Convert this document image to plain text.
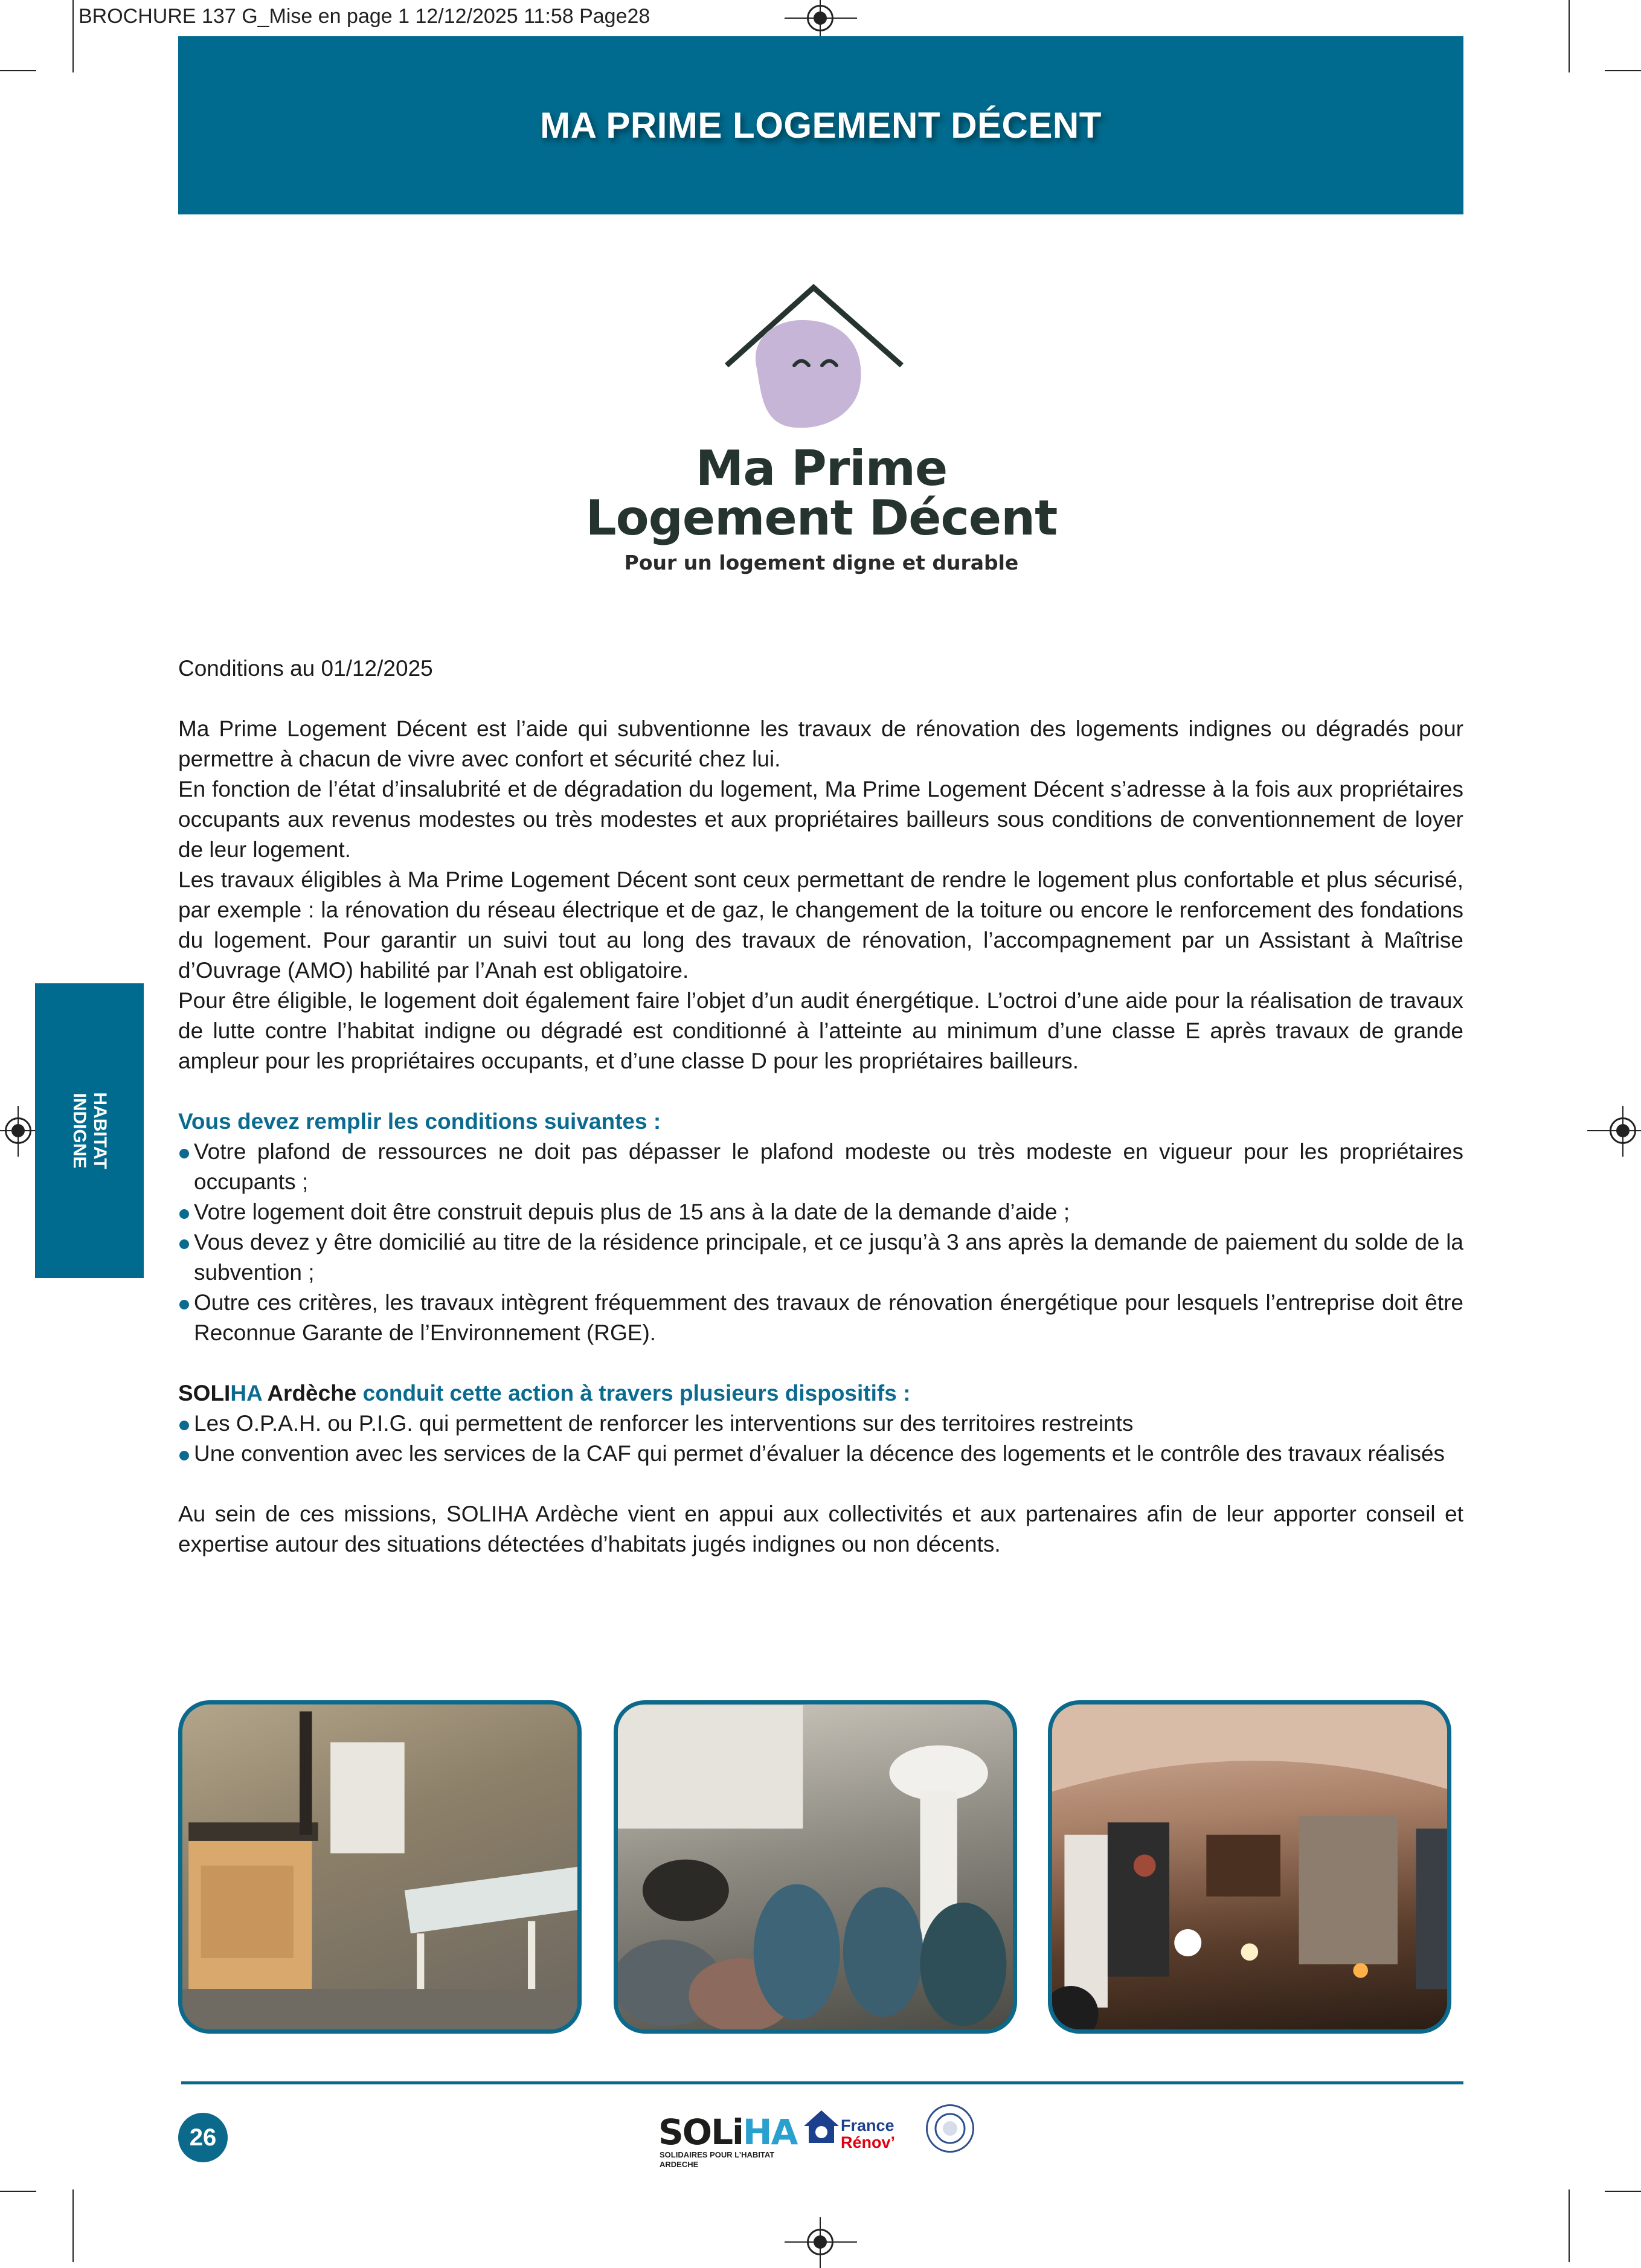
BROCHURE 137 G_Mise en page 1 12/12/2025 11:58 Page28
MA PRIME LOGEMENT DÉCENT
Ma Prime
Logement Décent
Pour un logement digne et durable
HABITAT
INDIGNE

Conditions au 01/12/2025

Ma Prime Logement Décent est l’aide qui subventionne les travaux de rénovation des logements indignes ou dégradés pour permettre à chacun de vivre avec confort et sécurité chez lui.

En fonction de l’état d’insalubrité et de dégradation du logement, Ma Prime Logement Décent s’adresse à la fois aux propriétaires occupants aux revenus modestes ou très modestes et aux propriétaires bailleurs sous conditions de conventionnement de loyer de leur logement.

Les travaux éligibles à Ma Prime Logement Décent sont ceux permettant de rendre le logement plus confortable et plus sécurisé, par exemple : la rénovation du réseau électrique et de gaz, le changement de la toiture ou encore le renforcement des fondations du logement. Pour garantir un suivi tout au long des travaux de rénovation, l’accompagnement par un Assistant à Maîtrise d’Ouvrage (AMO) habilité par l’Anah est obligatoire.

Pour être éligible, le logement doit également faire l’objet d’un audit énergétique. L’octroi d’une aide pour la réalisation de travaux de lutte contre l’habitat indigne ou dégradé est conditionné à l’atteinte au minimum d’une classe E après travaux de grande ampleur pour les propriétaires occupants, et d’une classe D pour les propriétaires bailleurs.

Vous devez remplir les conditions suivantes :

Votre plafond de ressources ne doit pas dépasser le plafond modeste ou très modeste en vigueur pour les propriétaires occupants ;

Votre logement doit être construit depuis plus de 15 ans à la date de la demande d’aide ;

Vous devez y être domicilié au titre de la résidence principale, et ce jusqu’à 3 ans après la demande de paiement du solde de la subvention ;

Outre ces critères, les travaux intègrent fréquemment des travaux de rénovation énergétique pour lesquels l’entreprise doit être Reconnue Garante de l’Environnement (RGE).

SOLIHA Ardèche conduit cette action à travers plusieurs dispositifs :

Les O.P.A.H. ou P.I.G. qui permettent de renforcer les interventions sur des territoires restreints

Une convention avec les services de la CAF qui permet d’évaluer la décence des logements et le contrôle des travaux réalisés

Au sein de ces missions, SOLIHA Ardèche vient en appui aux collectivités et aux partenaires afin de leur apporter conseil et expertise autour des situations détectées d’habitats jugés indignes ou non décents.

26	SOLiHA
SOLIDAIRES POUR L’HABITAT
ARDECHE
France
Rénov’
